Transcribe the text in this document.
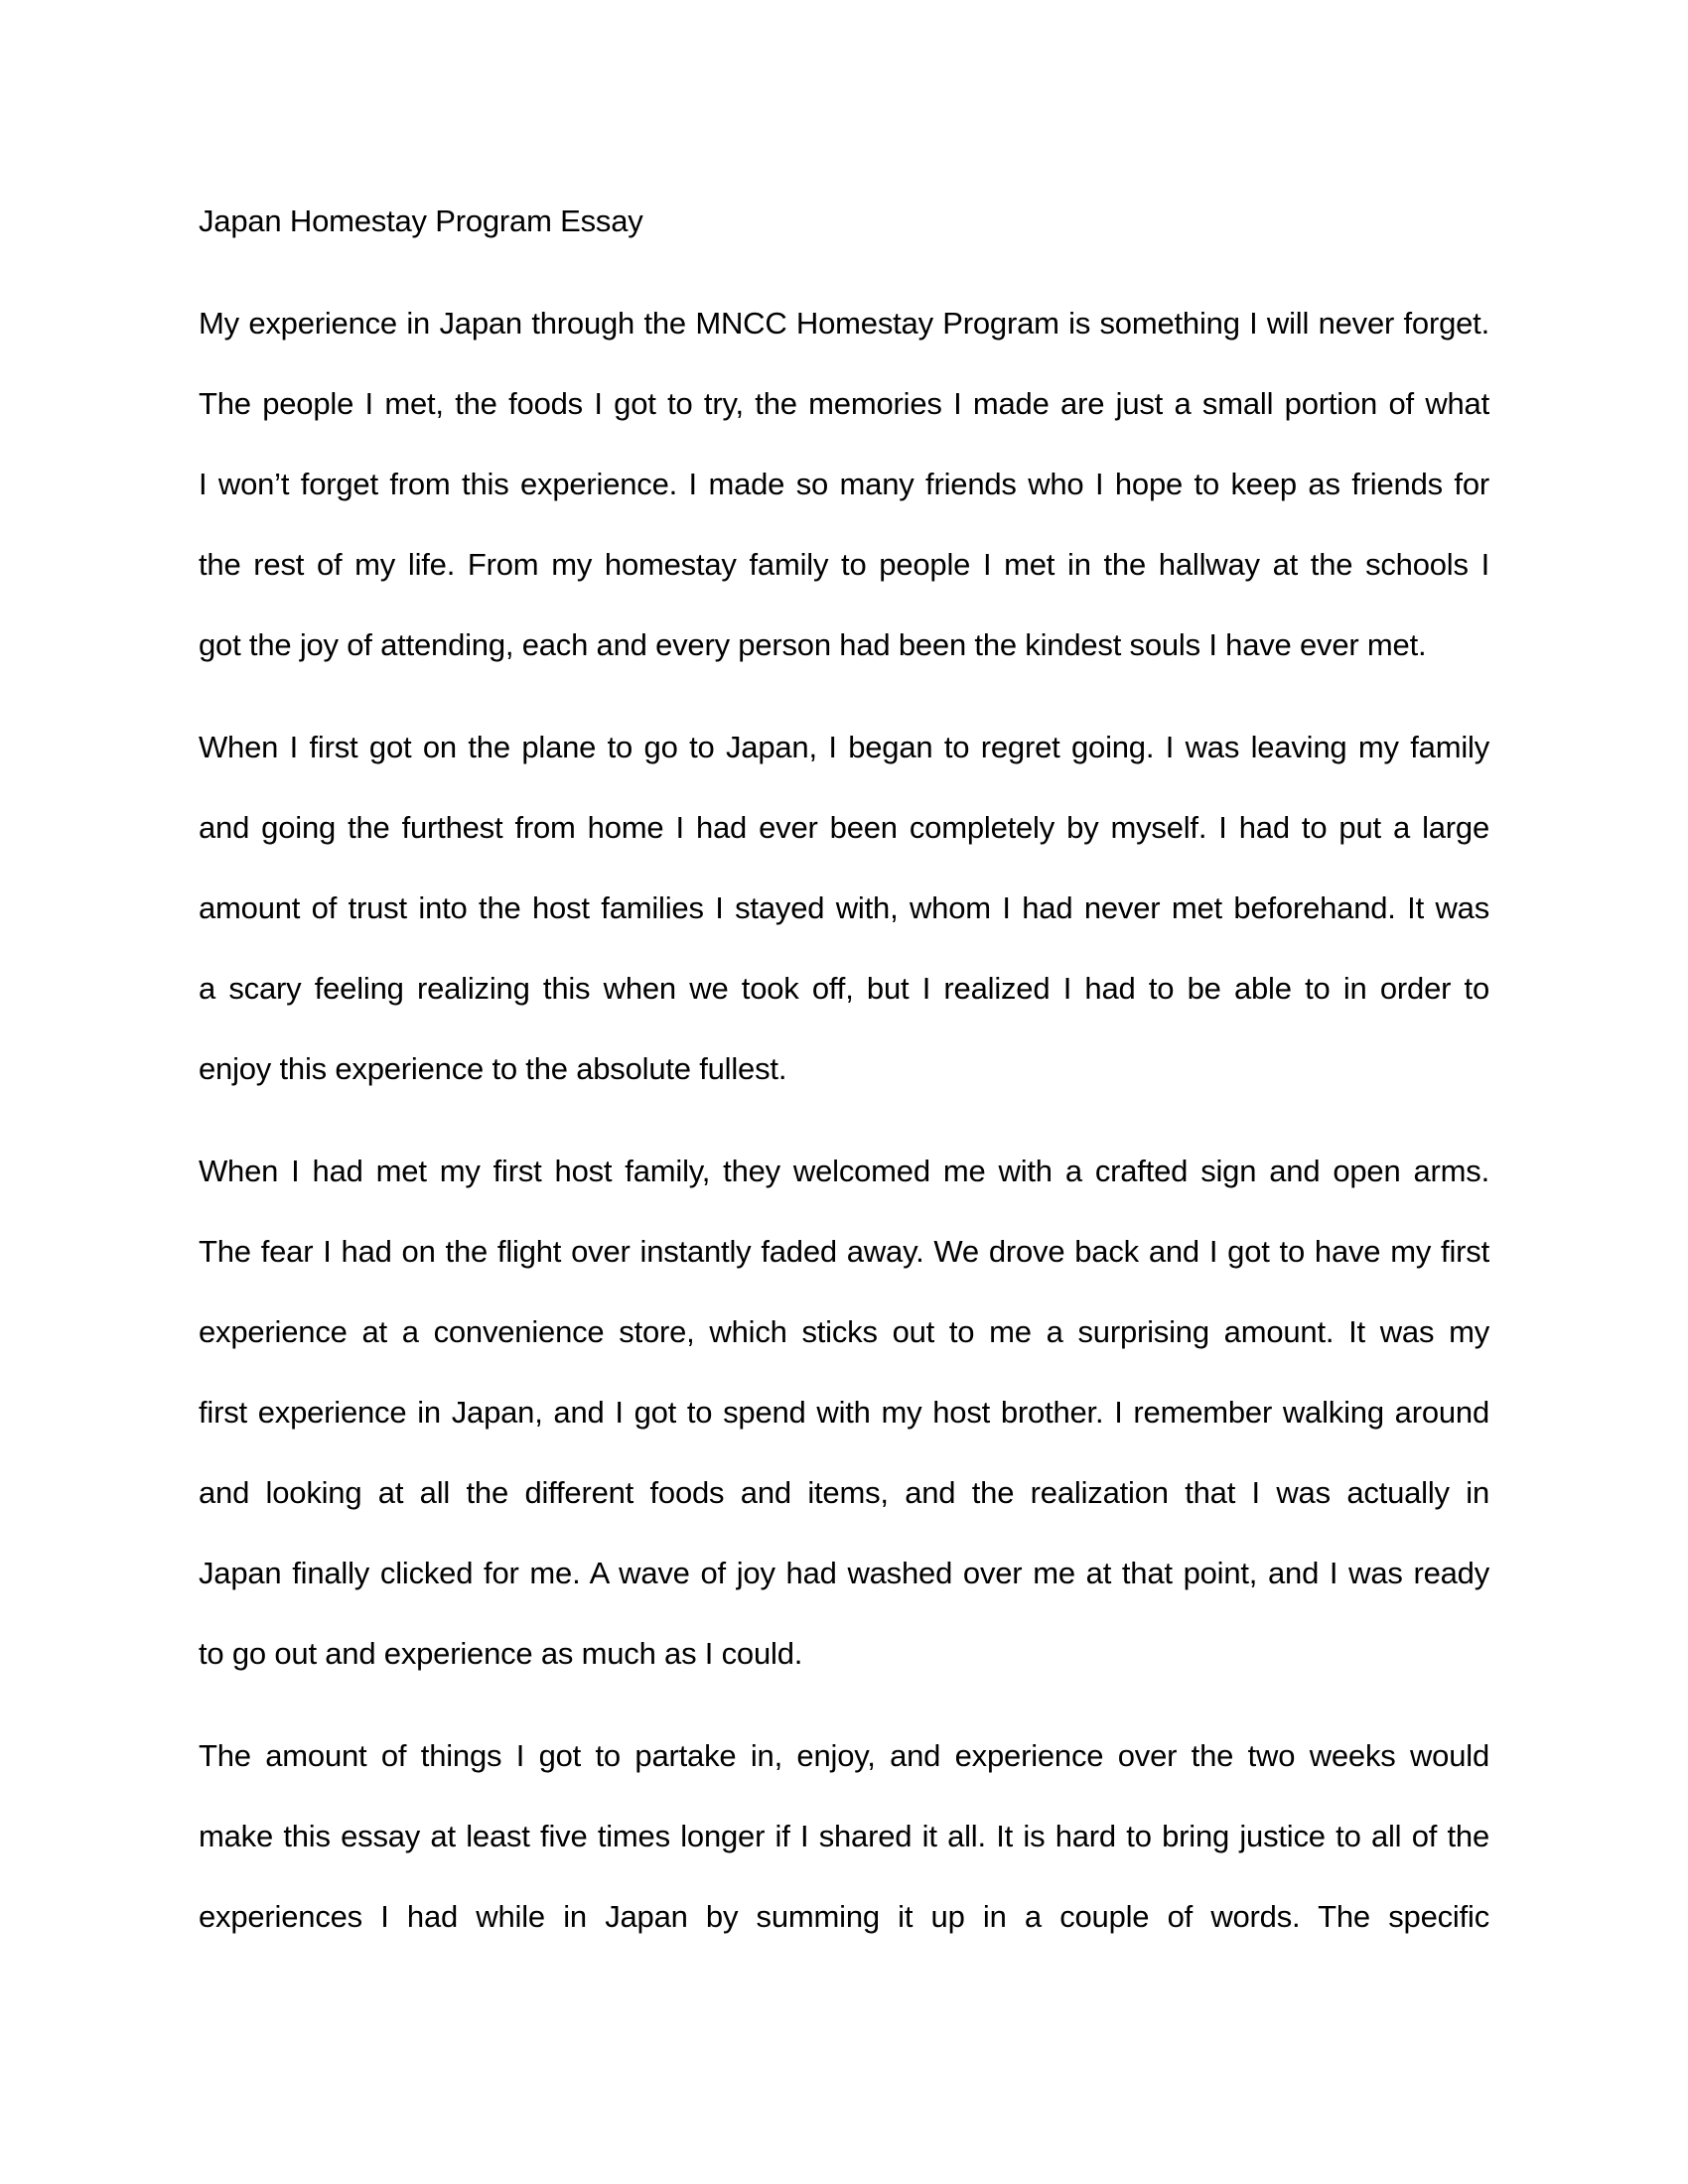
Japan Homestay Program Essay

My experience in Japan through the MNCC Homestay Program is something I will never forget.
The people I met, the foods I got to try, the memories I made are just a small portion of what
I won’t forget from this experience. I made so many friends who I hope to keep as friends for
the rest of my life. From my homestay family to people I met in the hallway at the schools I
got the joy of attending, each and every person had been the kindest souls I have ever met.

When I first got on the plane to go to Japan, I began to regret going. I was leaving my family
and going the furthest from home I had ever been completely by myself. I had to put a large
amount of trust into the host families I stayed with, whom I had never met beforehand. It was
a scary feeling realizing this when we took off, but I realized I had to be able to in order to
enjoy this experience to the absolute fullest.

When I had met my first host family, they welcomed me with a crafted sign and open arms.
The fear I had on the flight over instantly faded away. We drove back and I got to have my first
experience at a convenience store, which sticks out to me a surprising amount. It was my
first experience in Japan, and I got to spend with my host brother. I remember walking around
and looking at all the different foods and items, and the realization that I was actually in
Japan finally clicked for me. A wave of joy had washed over me at that point, and I was ready
to go out and experience as much as I could.

The amount of things I got to partake in, enjoy, and experience over the two weeks would
make this essay at least five times longer if I shared it all. It is hard to bring justice to all of the
experiences I had while in Japan by summing it up in a couple of words. The specific
